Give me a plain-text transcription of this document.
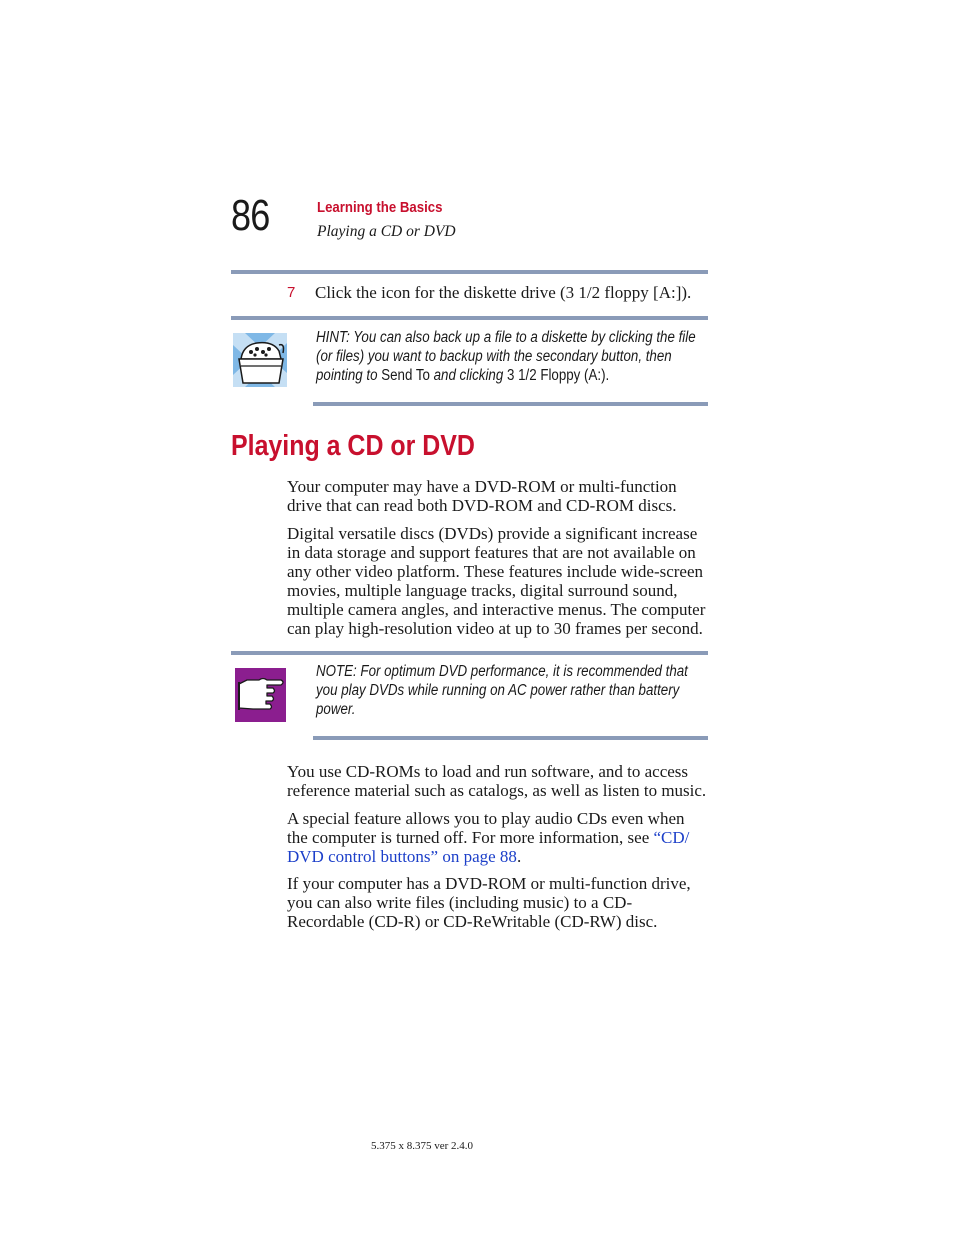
86	Learning the Basics
Playing a CD or DVD
7 Click the icon for the diskette drive (3 1/2 floppy [A:]).
HINT: You can also back up a file to a diskette by clicking the file
(or files) you want to backup with the secondary button, then
pointing to Send To and clicking 3 1/2 Floppy (A:).
Playing a CD or DVD
Your computer may have a DVD-ROM or multi-function
drive that can read both DVD-ROM and CD-ROM discs.
Digital versatile discs (DVDs) provide a significant increase
in data storage and support features that are not available on
any other video platform. These features include wide-screen
movies, multiple language tracks, digital surround sound,
multiple camera angles, and interactive menus. The computer
can play high-resolution video at up to 30 frames per second.
NOTE: For optimum DVD performance, it is recommended that
you play DVDs while running on AC power rather than battery
power.
You use CD-ROMs to load and run software, and to access
reference material such as catalogs, as well as listen to music.
A special feature allows you to play audio CDs even when
the computer is turned off. For more information, see “CD/
DVD control buttons” on page 88.
If your computer has a DVD-ROM or multi-function drive,
you can also write files (including music) to a CD-
Recordable (CD-R) or CD-ReWritable (CD-RW) disc.
5.375 x 8.375 ver 2.4.0
